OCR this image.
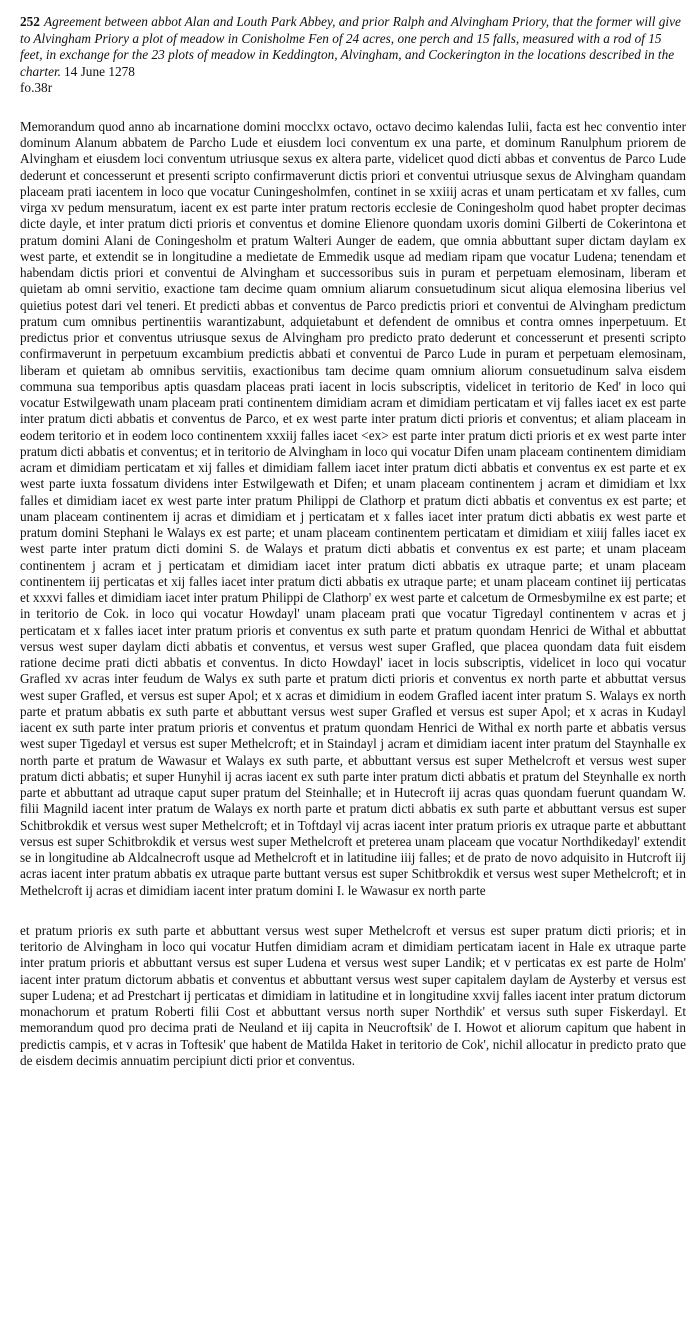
252 Agreement between abbot Alan and Louth Park Abbey, and prior Ralph and Alvingham Priory, that the former will give to Alvingham Priory a plot of meadow in Conisholme Fen of 24 acres, one perch and 15 falls, measured with a rod of 15 feet, in exchange for the 23 plots of meadow in Keddington, Alvingham, and Cockerington in the locations described in the charter. 14 June 1278

fo.38r

Memorandum quod anno ab incarnatione domini mocclxx octavo, octavo decimo kalendas Iulii, facta est hec conventio inter dominum Alanum abbatem de Parcho Lude et eiusdem loci conventum ex una parte, et dominum Ranulphum priorem de Alvingham et eiusdem loci conventum utriusque sexus ex altera parte, videlicet quod dicti abbas et conventus de Parco Lude dederunt et concesserunt et presenti scripto confirmaverunt dictis priori et conventui utriusque sexus de Alvingham quandam placeam prati iacentem in loco que vocatur Cuningesholmfen, continet in se xxiiij acras et unam perticatam et xv falles, cum virga xv pedum mensuratum, iacent ex est parte inter pratum rectoris ecclesie de Coningesholm quod habet propter decimas dicte dayle, et inter pratum dicti prioris et conventus et domine Elienore quondam uxoris domini Gilberti de Cokerintona et pratum domini Alani de Coningesholm et pratum Walteri Aunger de eadem, que omnia abbuttant super dictam daylam ex west parte, et extendit se in longitudine a medietate de Emmedik usque ad mediam ripam que vocatur Ludena; tenendam et habendam dictis priori et conventui de Alvingham et successoribus suis in puram et perpetuam elemosinam, liberam et quietam ab omni servitio, exactione tam decime quam omnium aliarum consuetudinum sicut aliqua elemosina liberius vel quietius potest dari vel teneri. Et predicti abbas et conventus de Parco predictis priori et conventui de Alvingham predictum pratum cum omnibus pertinentiis warantizabunt, adquietabunt et defendent de omnibus et contra omnes inperpetuum. Et predictus prior et conventus utriusque sexus de Alvingham pro predicto prato dederunt et concesserunt et presenti scripto confirmaverunt in perpetuum excambium predictis abbati et conventui de Parco Lude in puram et perpetuam elemosinam, liberam et quietam ab omnibus servitiis, exactionibus tam decime quam omnium aliorum consuetudinum salva eisdem communa sua temporibus aptis quasdam placeas prati iacent in locis subscriptis, videlicet in teritorio de Ked' in loco qui vocatur Estwilgewath unam placeam prati continentem dimidiam acram et dimidiam perticatam et vij falles iacet ex est parte inter pratum dicti abbatis et conventus de Parco, et ex west parte inter pratum dicti prioris et conventus; et aliam placeam in eodem teritorio et in eodem loco continentem xxxiij falles iacet <ex> est parte inter pratum dicti prioris et ex west parte inter pratum dicti abbatis et conventus; et in teritorio de Alvingham in loco qui vocatur Difen unam placeam continentem dimidiam acram et dimidiam perticatam et xij falles et dimidiam fallem iacet inter pratum dicti abbatis et conventus ex est parte et ex west parte iuxta fossatum dividens inter Estwilgewath et Difen; et unam placeam continentem j acram et dimidiam et lxx falles et dimidiam iacet ex west parte inter pratum Philippi de Clathorp et pratum dicti abbatis et conventus ex est parte; et unam placeam continentem ij acras et dimidiam et j perticatam et x falles iacet inter pratum dicti abbatis ex west parte et pratum domini Stephani le Walays ex est parte; et unam placeam continentem perticatam et dimidiam et xiiij falles iacet ex west parte inter pratum dicti domini S. de Walays et pratum dicti abbatis et conventus ex est parte; et unam placeam continentem j acram et j perticatam et dimidiam iacet inter pratum dicti abbatis ex utraque parte; et unam placeam continentem iij perticatas et xij falles iacet inter pratum dicti abbatis ex utraque parte; et unam placeam continet iij perticatas et xxxvi falles et dimidiam iacet inter pratum Philippi de Clathorp' ex west parte et calcetum de Ormesbymilne ex est parte; et in teritorio de Cok. in loco qui vocatur Howdayl' unam placeam prati que vocatur Tigredayl continentem v acras et j perticatam et x falles iacet inter pratum prioris et conventus ex suth parte et pratum quondam Henrici de Withal et abbuttat versus west super daylam dicti abbatis et conventus, et versus west super Grafled, que placea quondam data fuit eisdem ratione decime prati dicti abbatis et conventus. In dicto Howdayl' iacet in locis subscriptis, videlicet in loco qui vocatur Grafled xv acras inter feudum de Walys ex suth parte et pratum dicti prioris et conventus ex north parte et abbuttat versus west super Grafled, et versus est super Apol; et x acras et dimidium in eodem Grafled iacent inter pratum S. Walays ex north parte et pratum abbatis ex suth parte et abbuttant versus west super Grafled et versus est super Apol; et x acras in Kudayl iacent ex suth parte inter pratum prioris et conventus et pratum quondam Henrici de Withal ex north parte et abbatis versus west super Tigedayl et versus est super Methelcroft; et in Staindayl j acram et dimidiam iacent inter pratum del Staynhalle ex north parte et pratum de Wawasur et Walays ex suth parte, et abbuttant versus est super Methelcroft et versus west super pratum dicti abbatis; et super Hunyhil ij acras iacent ex suth parte inter pratum dicti abbatis et pratum del Steynhalle ex north parte et abbuttant ad utraque caput super pratum del Steinhalle; et in Hutecroft iij acras quas quondam fuerunt quandam W. filii Magnild iacent inter pratum de Walays ex north parte et pratum dicti abbatis ex suth parte et abbuttant versus est super Schitbrokdik et versus west super Methelcroft; et in Toftdayl vij acras iacent inter pratum prioris ex utraque parte et abbuttant versus est super Schitbrokdik et versus west super Methelcroft et preterea unam placeam que vocatur Northdikedayl' extendit se in longitudine ab Aldcalnecroft usque ad Methelcroft et in latitudine iiij falles; et de prato de novo adquisito in Hutcroft iij acras iacent inter pratum abbatis ex utraque parte buttant versus est super Schitbrokdik et versus west super Methelcroft; et in Methelcroft ij acras et dimidiam iacent inter pratum domini I. le Wawasur ex north parte

et pratum prioris ex suth parte et abbuttant versus west super Methelcroft et versus est super pratum dicti prioris; et in teritorio de Alvingham in loco qui vocatur Hutfen dimidiam acram et dimidiam perticatam iacent in Hale ex utraque parte inter pratum prioris et abbuttant versus est super Ludena et versus west super Landik; et v perticatas ex est parte de Holm' iacent inter pratum dictorum abbatis et conventus et abbuttant versus west super capitalem daylam de Aysterby et versus est super Ludena; et ad Prestchart ij perticatas et dimidiam in latitudine et in longitudine xxvij falles iacent inter pratum dictorum monachorum et pratum Roberti filii Cost et abbuttant versus north super Northdik' et versus suth super Fiskerdayl. Et memorandum quod pro decima prati de Neuland et iij capita in Neucroftsik' de I. Howot et aliorum capitum que habent in predictis campis, et v acras in Toftesik' que habent de Matilda Haket in teritorio de Cok', nichil allocatur in predicto prato que de eisdem decimis annuatim percipiunt dicti prior et conventus.
